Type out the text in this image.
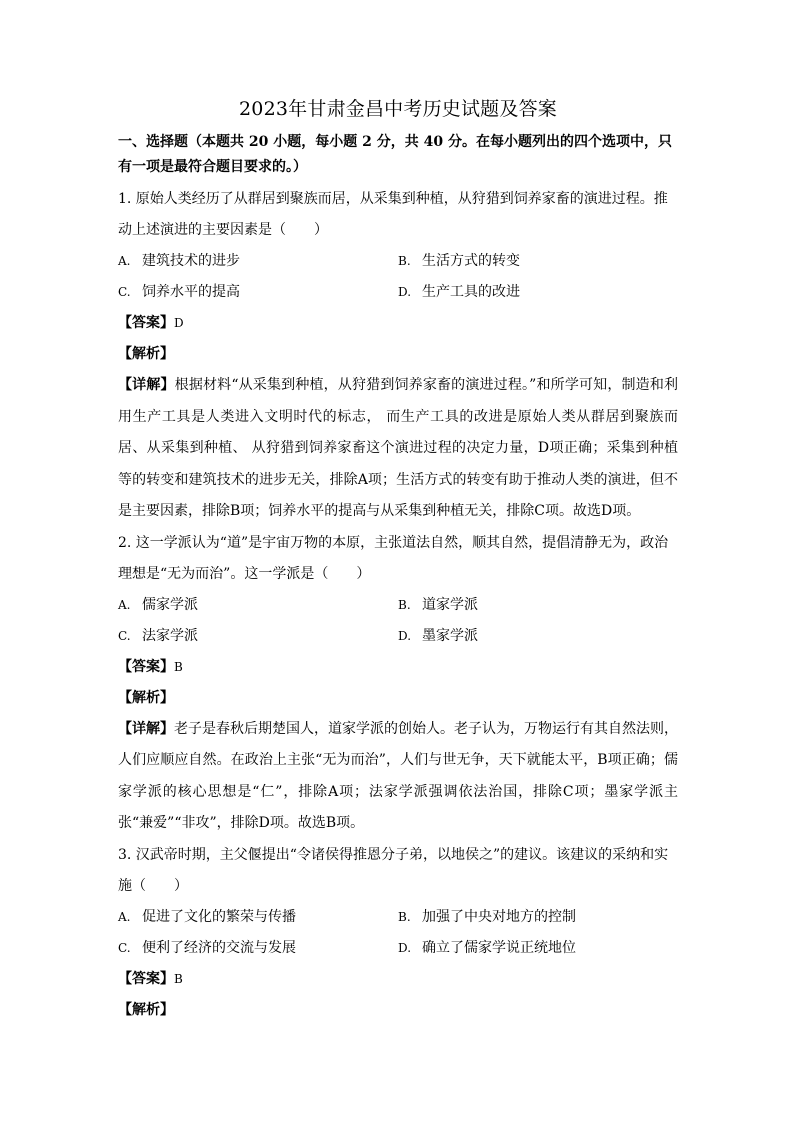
2023年甘肃金昌中考历史试题及答案
一、选择题（本题共 20 小题，每小题 2 分，共 40 分。在每小题列出的四个选项中，只有一项是最符合题目要求的。）

1. 原始人类经历了从群居到聚族而居，从采集到种植，从狩猎到饲养家畜的演进过程。推动上述演进的主要因素是（　　）

A. 建筑技术的进步	B. 生活方式的转变
C. 饲养水平的提高	D. 生产工具的改进

【答案】D

【解析】

【详解】根据材料“从采集到种植，从狩猎到饲养家畜的演进过程。”和所学可知，制造和利用生产工具是人类进入文明时代的标志， 而生产工具的改进是原始人类从群居到聚族而居、从采集到种植、 从狩猎到饲养家畜这个演进过程的决定力量，D项正确；采集到种植等的转变和建筑技术的进步无关，排除A项；生活方式的转变有助于推动人类的演进，但不是主要因素，排除B项；饲养水平的提高与从采集到种植无关，排除C项。故选D项。

2. 这一学派认为“道”是宇宙万物的本原，主张道法自然，顺其自然，提倡清静无为，政治理想是“无为而治”。这一学派是（　　）

A. 儒家学派	B. 道家学派
C. 法家学派	D. 墨家学派

【答案】B

【解析】

【详解】老子是春秋后期楚国人，道家学派的创始人。老子认为，万物运行有其自然法则，人们应顺应自然。在政治上主张“无为而治”，人们与世无争，天下就能太平，B项正确；儒家学派的核心思想是“仁”，排除A项；法家学派强调依法治国，排除C项；墨家学派主张“兼爱”“非攻”，排除D项。故选B项。

3. 汉武帝时期，主父偃提出“令诸侯得推恩分子弟，以地侯之”的建议。该建议的采纳和实施（　　）

A. 促进了文化的繁荣与传播	B. 加强了中央对地方的控制
C. 便利了经济的交流与发展	D. 确立了儒家学说正统地位

【答案】B

【解析】
